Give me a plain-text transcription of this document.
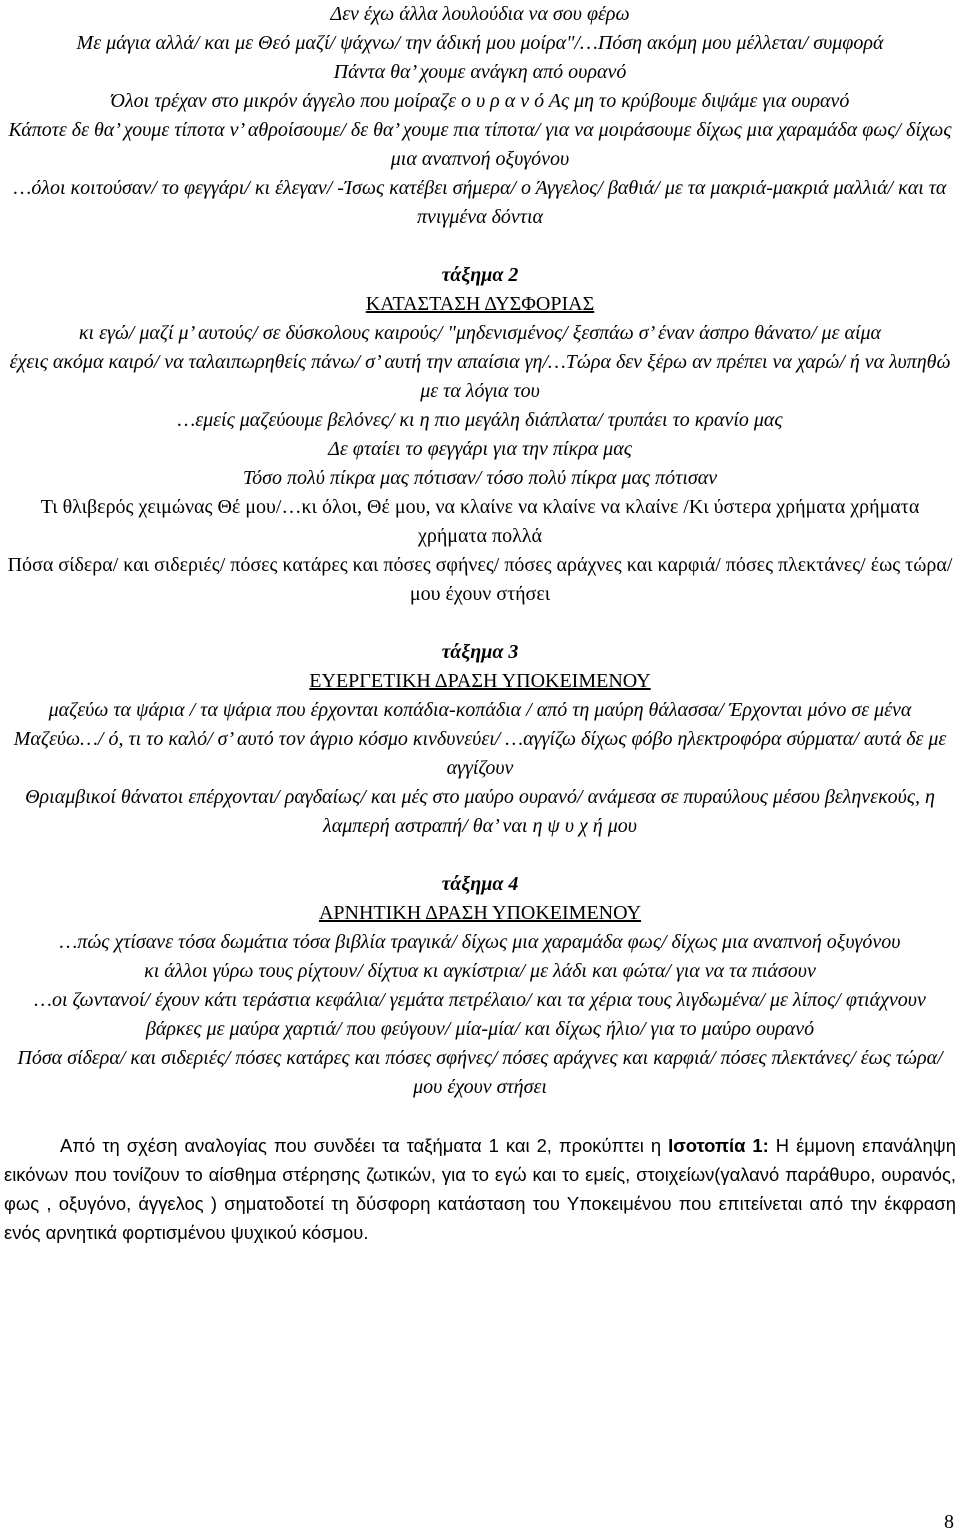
Δεν έχω άλλα λουλούδια να σου φέρω

Με μάγια αλλά/ και με Θεό μαζί/ ψάχνω/ την άδική μου μοίρα"/…Πόση ακόμη μου μέλλεται/ συμφορά

Πάντα θα’ χουμε ανάγκη από ουρανό

Όλοι τρέχαν στο μικρόν άγγελο που μοίραζε ο υ ρ α ν ό Ας μη το κρύβουμε διψάμε για ουρανό

Κάποτε δε θα’ χουμε τίποτα ν’ αθροίσουμε/ δε θα’ χουμε πια τίποτα/ για να μοιράσουμε δίχως μια χαραμάδα φως/ δίχως μια αναπνοή οξυγόνου

…όλοι κοιτούσαν/ το φεγγάρι/ κι έλεγαν/ -Ίσως κατέβει σήμερα/ ο Άγγελος/ βαθιά/ με τα μακριά-μακριά μαλλιά/ και τα πνιγμένα δόντια

τάξημα 2
ΚΑΤΑΣΤΑΣΗ ΔΥΣΦΟΡΙΑΣ

κι εγώ/ μαζί μ’ αυτούς/ σε δύσκολους καιρούς/ "μηδενισμένος/ ξεσπάω σ’ έναν άσπρο θάνατο/ με αίμα

έχεις ακόμα καιρό/ να ταλαιπωρηθείς πάνω/ σ’ αυτή την απαίσια γη/…Τώρα δεν ξέρω αν πρέπει να χαρώ/ ή να λυπηθώ με τα λόγια του

…εμείς μαζεύουμε βελόνες/ κι η πιο μεγάλη διάπλατα/ τρυπάει το κρανίο μας

Δε φταίει το φεγγάρι για την πίκρα μας

Τόσο πολύ πίκρα μας πότισαν/ τόσο πολύ πίκρα μας πότισαν

Τι θλιβερός χειμώνας Θέ μου/…κι όλοι, Θέ μου, να κλαίνε να κλαίνε να κλαίνε /Κι ύστερα χρήματα χρήματα χρήματα πολλά

Πόσα σίδερα/ και σιδεριές/ πόσες κατάρες και πόσες σφήνες/ πόσες αράχνες και καρφιά/ πόσες πλεκτάνες/ έως τώρα/ μου έχουν στήσει

τάξημα 3
ΕΥΕΡΓΕΤΙΚΗ ΔΡΑΣΗ ΥΠΟΚΕΙΜΕΝΟΥ

μαζεύω τα ψάρια / τα ψάρια που έρχονται κοπάδια-κοπάδια / από τη μαύρη θάλασσα/ Έρχονται μόνο σε μένα

Μαζεύω…/ ό, τι το καλό/ σ’ αυτό τον άγριο κόσμο κινδυνεύει/ …αγγίζω δίχως φόβο ηλεκτροφόρα σύρματα/ αυτά δε με αγγίζουν

Θριαμβικοί θάνατοι επέρχονται/ ραγδαίως/ και μές στο μαύρο ουρανό/ ανάμεσα σε πυραύλους μέσου βεληνεκούς, η λαμπερή αστραπή/ θα’ ναι η ψ υ χ ή μου

τάξημα 4
ΑΡΝΗΤΙΚΗ ΔΡΑΣΗ ΥΠΟΚΕΙΜΕΝΟΥ

…πώς χτίσανε τόσα δωμάτια τόσα βιβλία τραγικά/ δίχως μια χαραμάδα φως/ δίχως μια αναπνοή οξυγόνου

κι άλλοι γύρω τους ρίχτουν/ δίχτυα κι αγκίστρια/ με λάδι και φώτα/ για να τα πιάσουν

…οι ζωντανοί/ έχουν κάτι τεράστια κεφάλια/ γεμάτα πετρέλαιο/ και τα χέρια τους λιγδωμένα/ με λίπος/ φτιάχνουν βάρκες με μαύρα χαρτιά/ που φεύγουν/ μία-μία/ και δίχως ήλιο/ για το μαύρο ουρανό

Πόσα σίδερα/ και σιδεριές/ πόσες κατάρες και πόσες σφήνες/ πόσες αράχνες και καρφιά/ πόσες πλεκτάνες/ έως τώρα/ μου έχουν στήσει

Από τη σχέση αναλογίας που συνδέει τα ταξήματα 1 και 2, προκύπτει η Ισοτοπία 1: Η έμμονη επανάληψη εικόνων που τονίζουν το αίσθημα στέρησης ζωτικών, για το εγώ και το εμείς, στοιχείων(γαλανό παράθυρο, ουρανός, φως , οξυγόνο, άγγελος ) σηματοδοτεί τη δύσφορη κατάσταση του Υποκειμένου που επιτείνεται από την έκφραση ενός αρνητικά φορτισμένου ψυχικού κόσμου.

8
